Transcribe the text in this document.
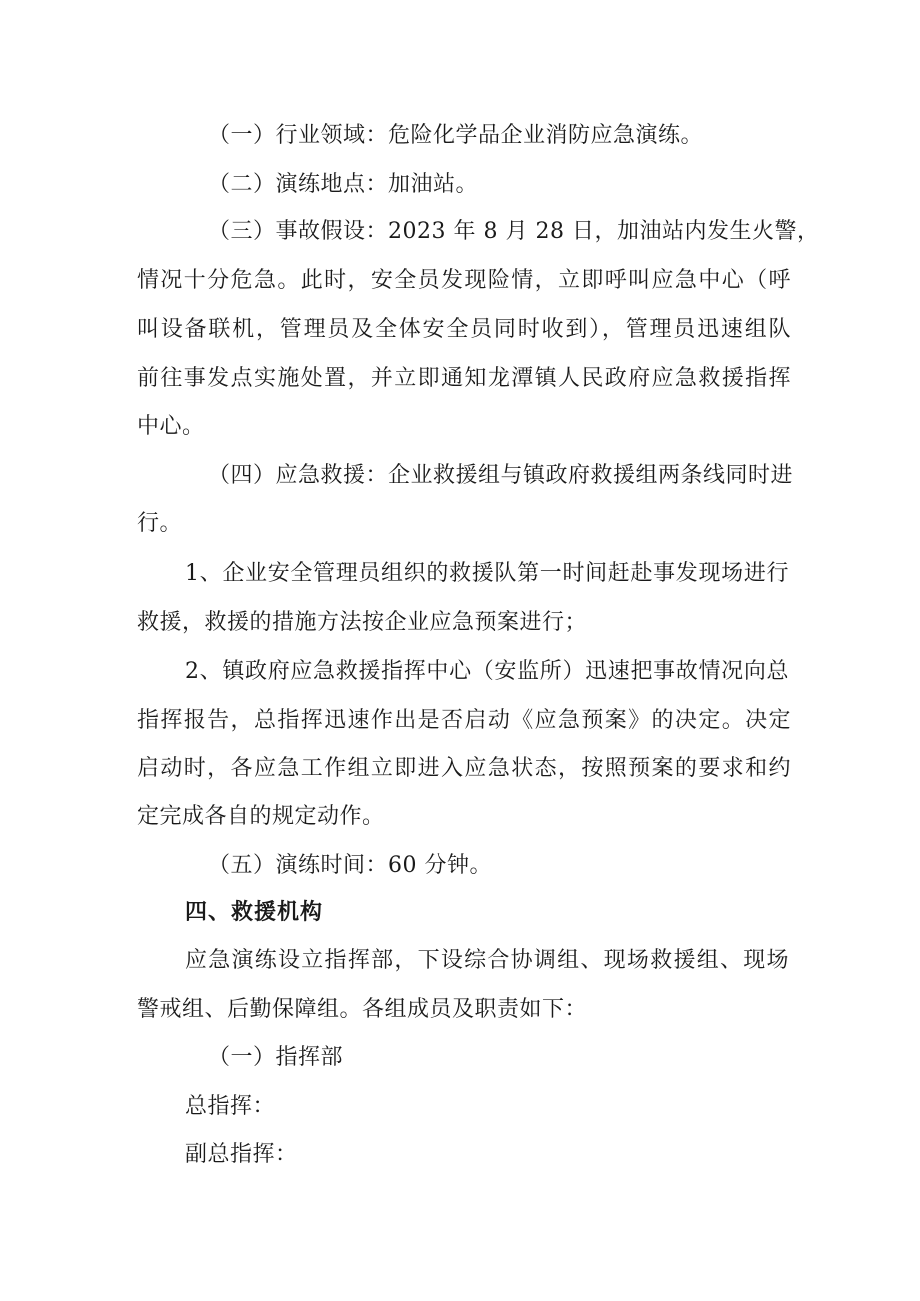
（一）行业领域：危险化学品企业消防应急演练。
（二）演练地点：加油站。
（三）事故假设：2023 年 8 月 28 日，加油站内发生火警，
情况十分危急。此时，安全员发现险情，立即呼叫应急中心（呼
叫设备联机，管理员及全体安全员同时收到），管理员迅速组队
前往事发点实施处置，并立即通知龙潭镇人民政府应急救援指挥
中心。
（四）应急救援：企业救援组与镇政府救援组两条线同时进
行。
1、企业安全管理员组织的救援队第一时间赶赴事发现场进行
救援，救援的措施方法按企业应急预案进行；
2、镇政府应急救援指挥中心（安监所）迅速把事故情况向总
指挥报告，总指挥迅速作出是否启动《应急预案》的决定。决定
启动时，各应急工作组立即进入应急状态，按照预案的要求和约
定完成各自的规定动作。
（五）演练时间：60 分钟。
四、救援机构
应急演练设立指挥部，下设综合协调组、现场救援组、现场
警戒组、后勤保障组。各组成员及职责如下：
（一）指挥部
总指挥：
副总指挥：
